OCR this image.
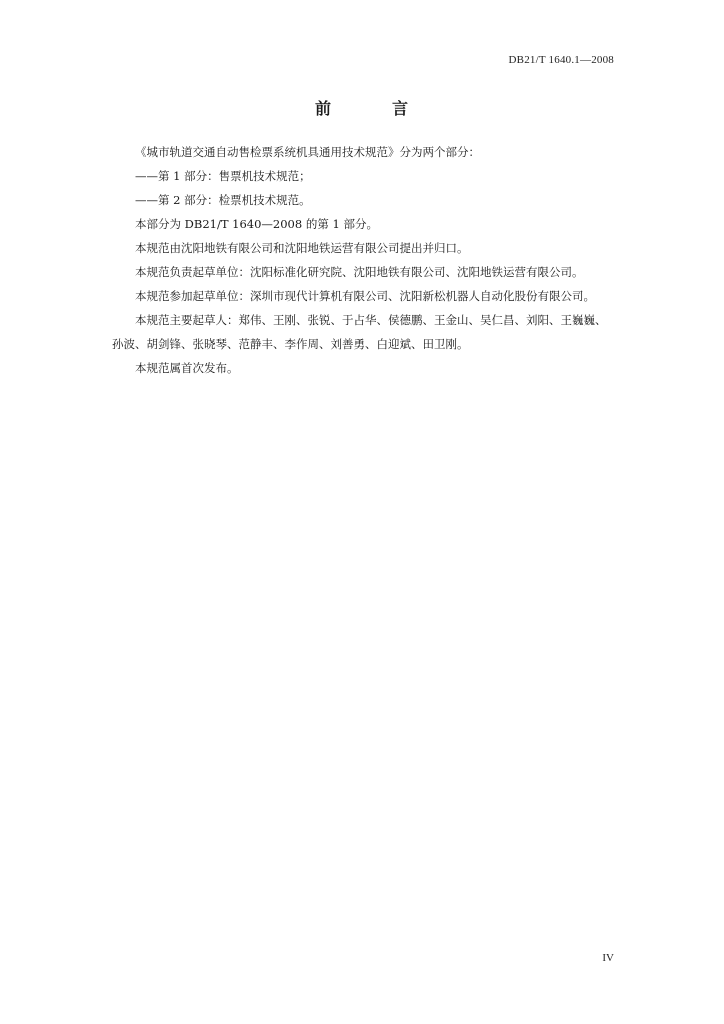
DB21/T 1640.1—2008
前	言

《城市轨道交通自动售检票系统机具通用技术规范》分为两个部分：

——第 1 部分：售票机技术规范；

——第 2 部分：检票机技术规范。

本部分为 DB21/T 1640—2008 的第 1 部分。

本规范由沈阳地铁有限公司和沈阳地铁运营有限公司提出并归口。

本规范负责起草单位：沈阳标准化研究院、沈阳地铁有限公司、沈阳地铁运营有限公司。

本规范参加起草单位：深圳市现代计算机有限公司、沈阳新松机器人自动化股份有限公司。

本规范主要起草人：郑伟、王刚、张锐、于占华、侯德鹏、王金山、吴仁昌、刘阳、王巍巍、孙波、胡剑锋、张晓琴、范静丰、李作周、刘善勇、白迎斌、田卫刚。

本规范属首次发布。

IV
